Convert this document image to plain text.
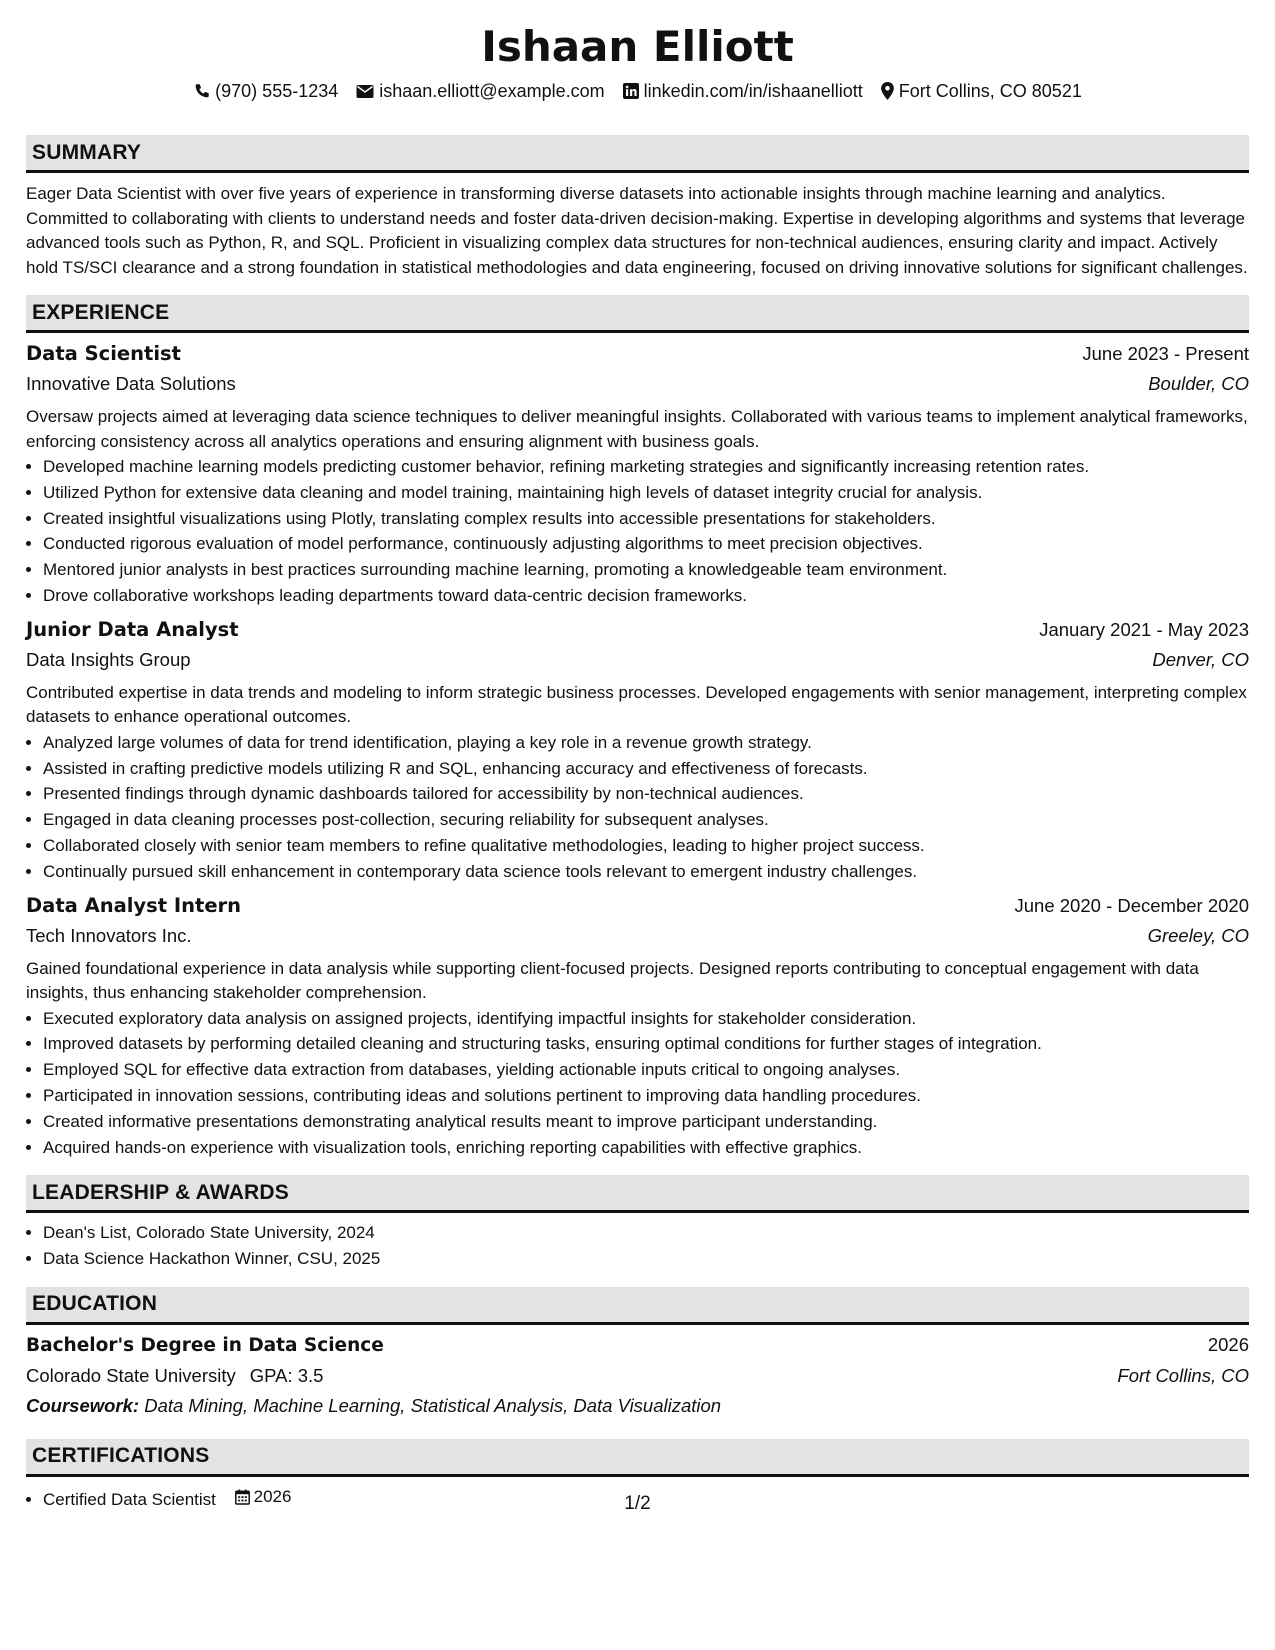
Ishaan Elliott
(970) 555-1234 ishaan.elliott@example.com linkedin.com/in/ishaanelliott Fort Collins, CO 80521
SUMMARY

Eager Data Scientist with over five years of experience in transforming diverse datasets into actionable insights through machine learning and analytics. Committed to collaborating with clients to understand needs and foster data-driven decision-making. Expertise in developing algorithms and systems that leverage advanced tools such as Python, R, and SQL. Proficient in visualizing complex data structures for non-technical audiences, ensuring clarity and impact. Actively hold TS/SCI clearance and a strong foundation in statistical methodologies and data engineering, focused on driving innovative solutions for significant challenges.

EXPERIENCE
Data Scientist	June 2023 - Present
Innovative Data Solutions	Boulder, CO

Oversaw projects aimed at leveraging data science techniques to deliver meaningful insights. Collaborated with various teams to implement analytical frameworks, enforcing consistency across all analytics operations and ensuring alignment with business goals.

• Developed machine learning models predicting customer behavior, refining marketing strategies and significantly increasing retention rates.
• Utilized Python for extensive data cleaning and model training, maintaining high levels of dataset integrity crucial for analysis.
• Created insightful visualizations using Plotly, translating complex results into accessible presentations for stakeholders.
• Conducted rigorous evaluation of model performance, continuously adjusting algorithms to meet precision objectives.
• Mentored junior analysts in best practices surrounding machine learning, promoting a knowledgeable team environment.
• Drove collaborative workshops leading departments toward data-centric decision frameworks.
Junior Data Analyst	January 2021 - May 2023
Data Insights Group	Denver, CO

Contributed expertise in data trends and modeling to inform strategic business processes. Developed engagements with senior management, interpreting complex datasets to enhance operational outcomes.

• Analyzed large volumes of data for trend identification, playing a key role in a revenue growth strategy.
• Assisted in crafting predictive models utilizing R and SQL, enhancing accuracy and effectiveness of forecasts.
• Presented findings through dynamic dashboards tailored for accessibility by non-technical audiences.
• Engaged in data cleaning processes post-collection, securing reliability for subsequent analyses.
• Collaborated closely with senior team members to refine qualitative methodologies, leading to higher project success.
• Continually pursued skill enhancement in contemporary data science tools relevant to emergent industry challenges.
Data Analyst Intern	June 2020 - December 2020
Tech Innovators Inc.	Greeley, CO

Gained foundational experience in data analysis while supporting client-focused projects. Designed reports contributing to conceptual engagement with data insights, thus enhancing stakeholder comprehension.

• Executed exploratory data analysis on assigned projects, identifying impactful insights for stakeholder consideration.
• Improved datasets by performing detailed cleaning and structuring tasks, ensuring optimal conditions for further stages of integration.
• Employed SQL for effective data extraction from databases, yielding actionable inputs critical to ongoing analyses.
• Participated in innovation sessions, contributing ideas and solutions pertinent to improving data handling procedures.
• Created informative presentations demonstrating analytical results meant to improve participant understanding.
• Acquired hands-on experience with visualization tools, enriching reporting capabilities with effective graphics.
LEADERSHIP & AWARDS
• Dean's List, Colorado State University, 2024
• Data Science Hackathon Winner, CSU, 2025
EDUCATION
Bachelor's Degree in Data Science	2026
Colorado State University GPA: 3.5	Fort Collins, CO
Coursework: Data Mining, Machine Learning, Statistical Analysis, Data Visualization
CERTIFICATIONS
• Certified Data Scientist 2026	1/2
